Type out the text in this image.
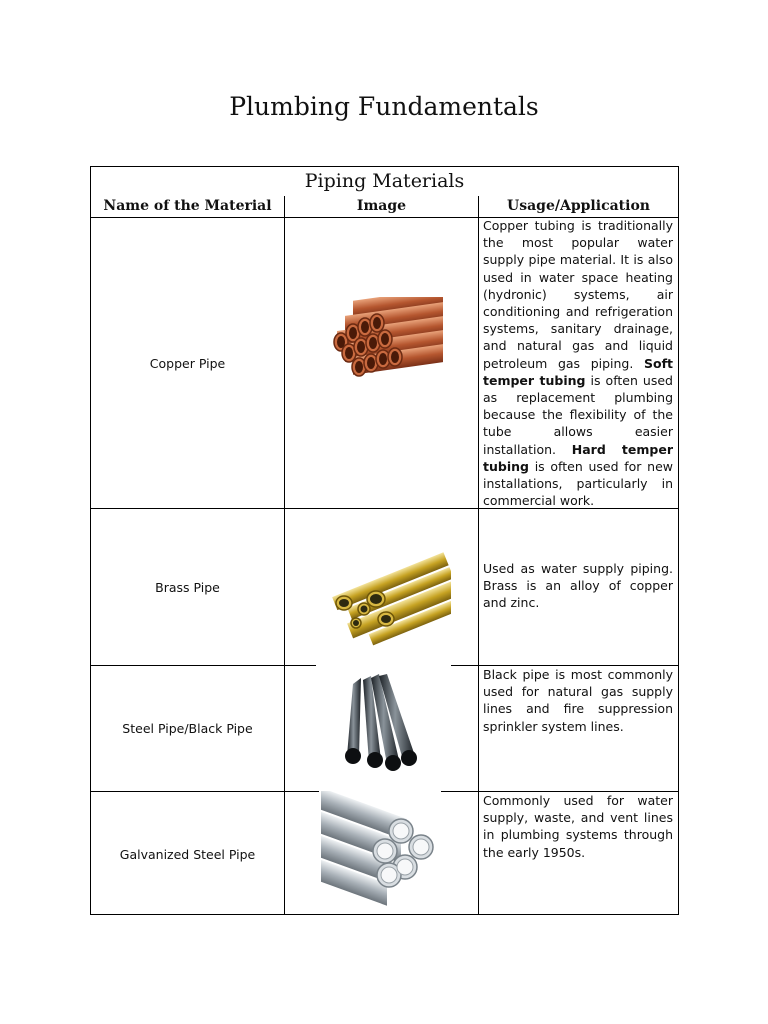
Plumbing Fundamentals
Piping Materials
Name of the Material	Image	Usage/Application
Copper Pipe
Copper tubing is traditionally the most popular water supply pipe material. It is also used in water space heating (hydronic) systems, air conditioning and refrigeration systems, sanitary drainage, and natural gas and liquid petroleum gas piping. Soft temper tubing is often used as replacement plumbing because the flexibility of the tube allows easier installation. Hard temper tubing is often used for new installations, particularly in commercial work.
Brass Pipe
Used as water supply piping. Brass is an alloy of copper and zinc.
Steel Pipe/Black Pipe
Black pipe is most commonly used for natural gas supply lines and fire suppression sprinkler system lines.
Galvanized Steel Pipe
Commonly used for water supply, waste, and vent lines in plumbing systems through the early 1950s.
